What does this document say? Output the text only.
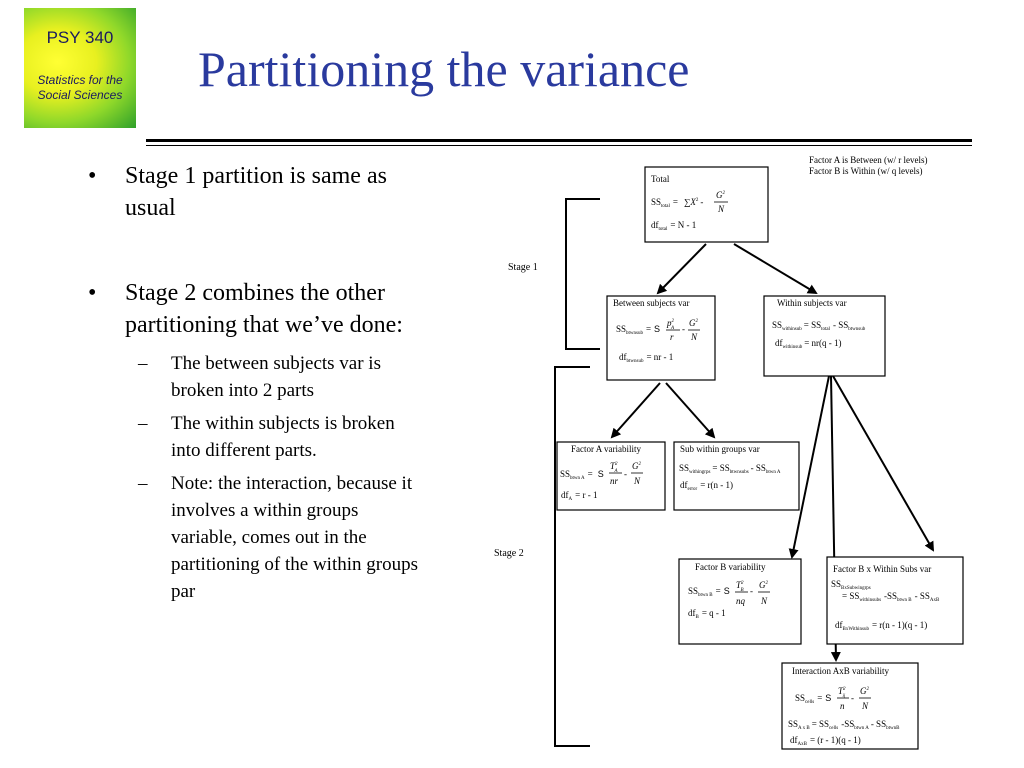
PSY 340
Statistics for the
Social Sciences Partitioning the variance
• Stage 1 partition is same as
usual
• Stage 2 combines the other
partitioning that we’ve done:
– The between subjects var is
broken into 2 parts
– The within subjects is broken
into different parts.
– Note: the interaction, because it
involves a within groups
variable, comes out in the
partitioning of the within groups
par
Factor A is Between (w/ r levels)
Factor B is Within (w/ q levels)
Stage 1
Stage 2
Total
$SS_{total} = \sum X^2$ -
$G^2$
N
$df_{total} = N - 1$
Between subjects var
$SS_{btwnsub} = S$
$p^2$ A
r
-
$G^2$
N
$df_{btwnsub}$ = nr - 1
Within subjects var
$SS_{withinsub} = SS_{total} - SS_{btwnsub}$
$df_{withinsub} = nr(q - 1)$
Factor A variability
$SS_{btwn A} = S$
$T^2$ A
nr
-
$G^2$
N
$df_A = r - 1$
Sub within groups var
$SS_{withingrps} = SS_{btwnsubs} - SS_{btwn A}$
$df_{error} = r(n - 1)$
Factor B variability
$SS_{btwn B} = S$
$T^2$ B
nq
-
$G^2$
N
$df_B = q - 1$
Factor B x Within Subs var
$SS_{BxSubwingrps}$
= $SS_{withinsubs}$ $-SS_{btwn B} - SS_{AxB}$
$df_{BxWithinsub} = r(n - 1)(q - 1)$
Interaction AxB variability
$SS_{cells} = S$
$T^2$ ij
n
-
$G^2$
N
$SS_{A x B} = SS_{cells}$ $-SS_{btwn A} - SS_{btwnB}$
$df_{AxB} = (r - 1)(q - 1)$
